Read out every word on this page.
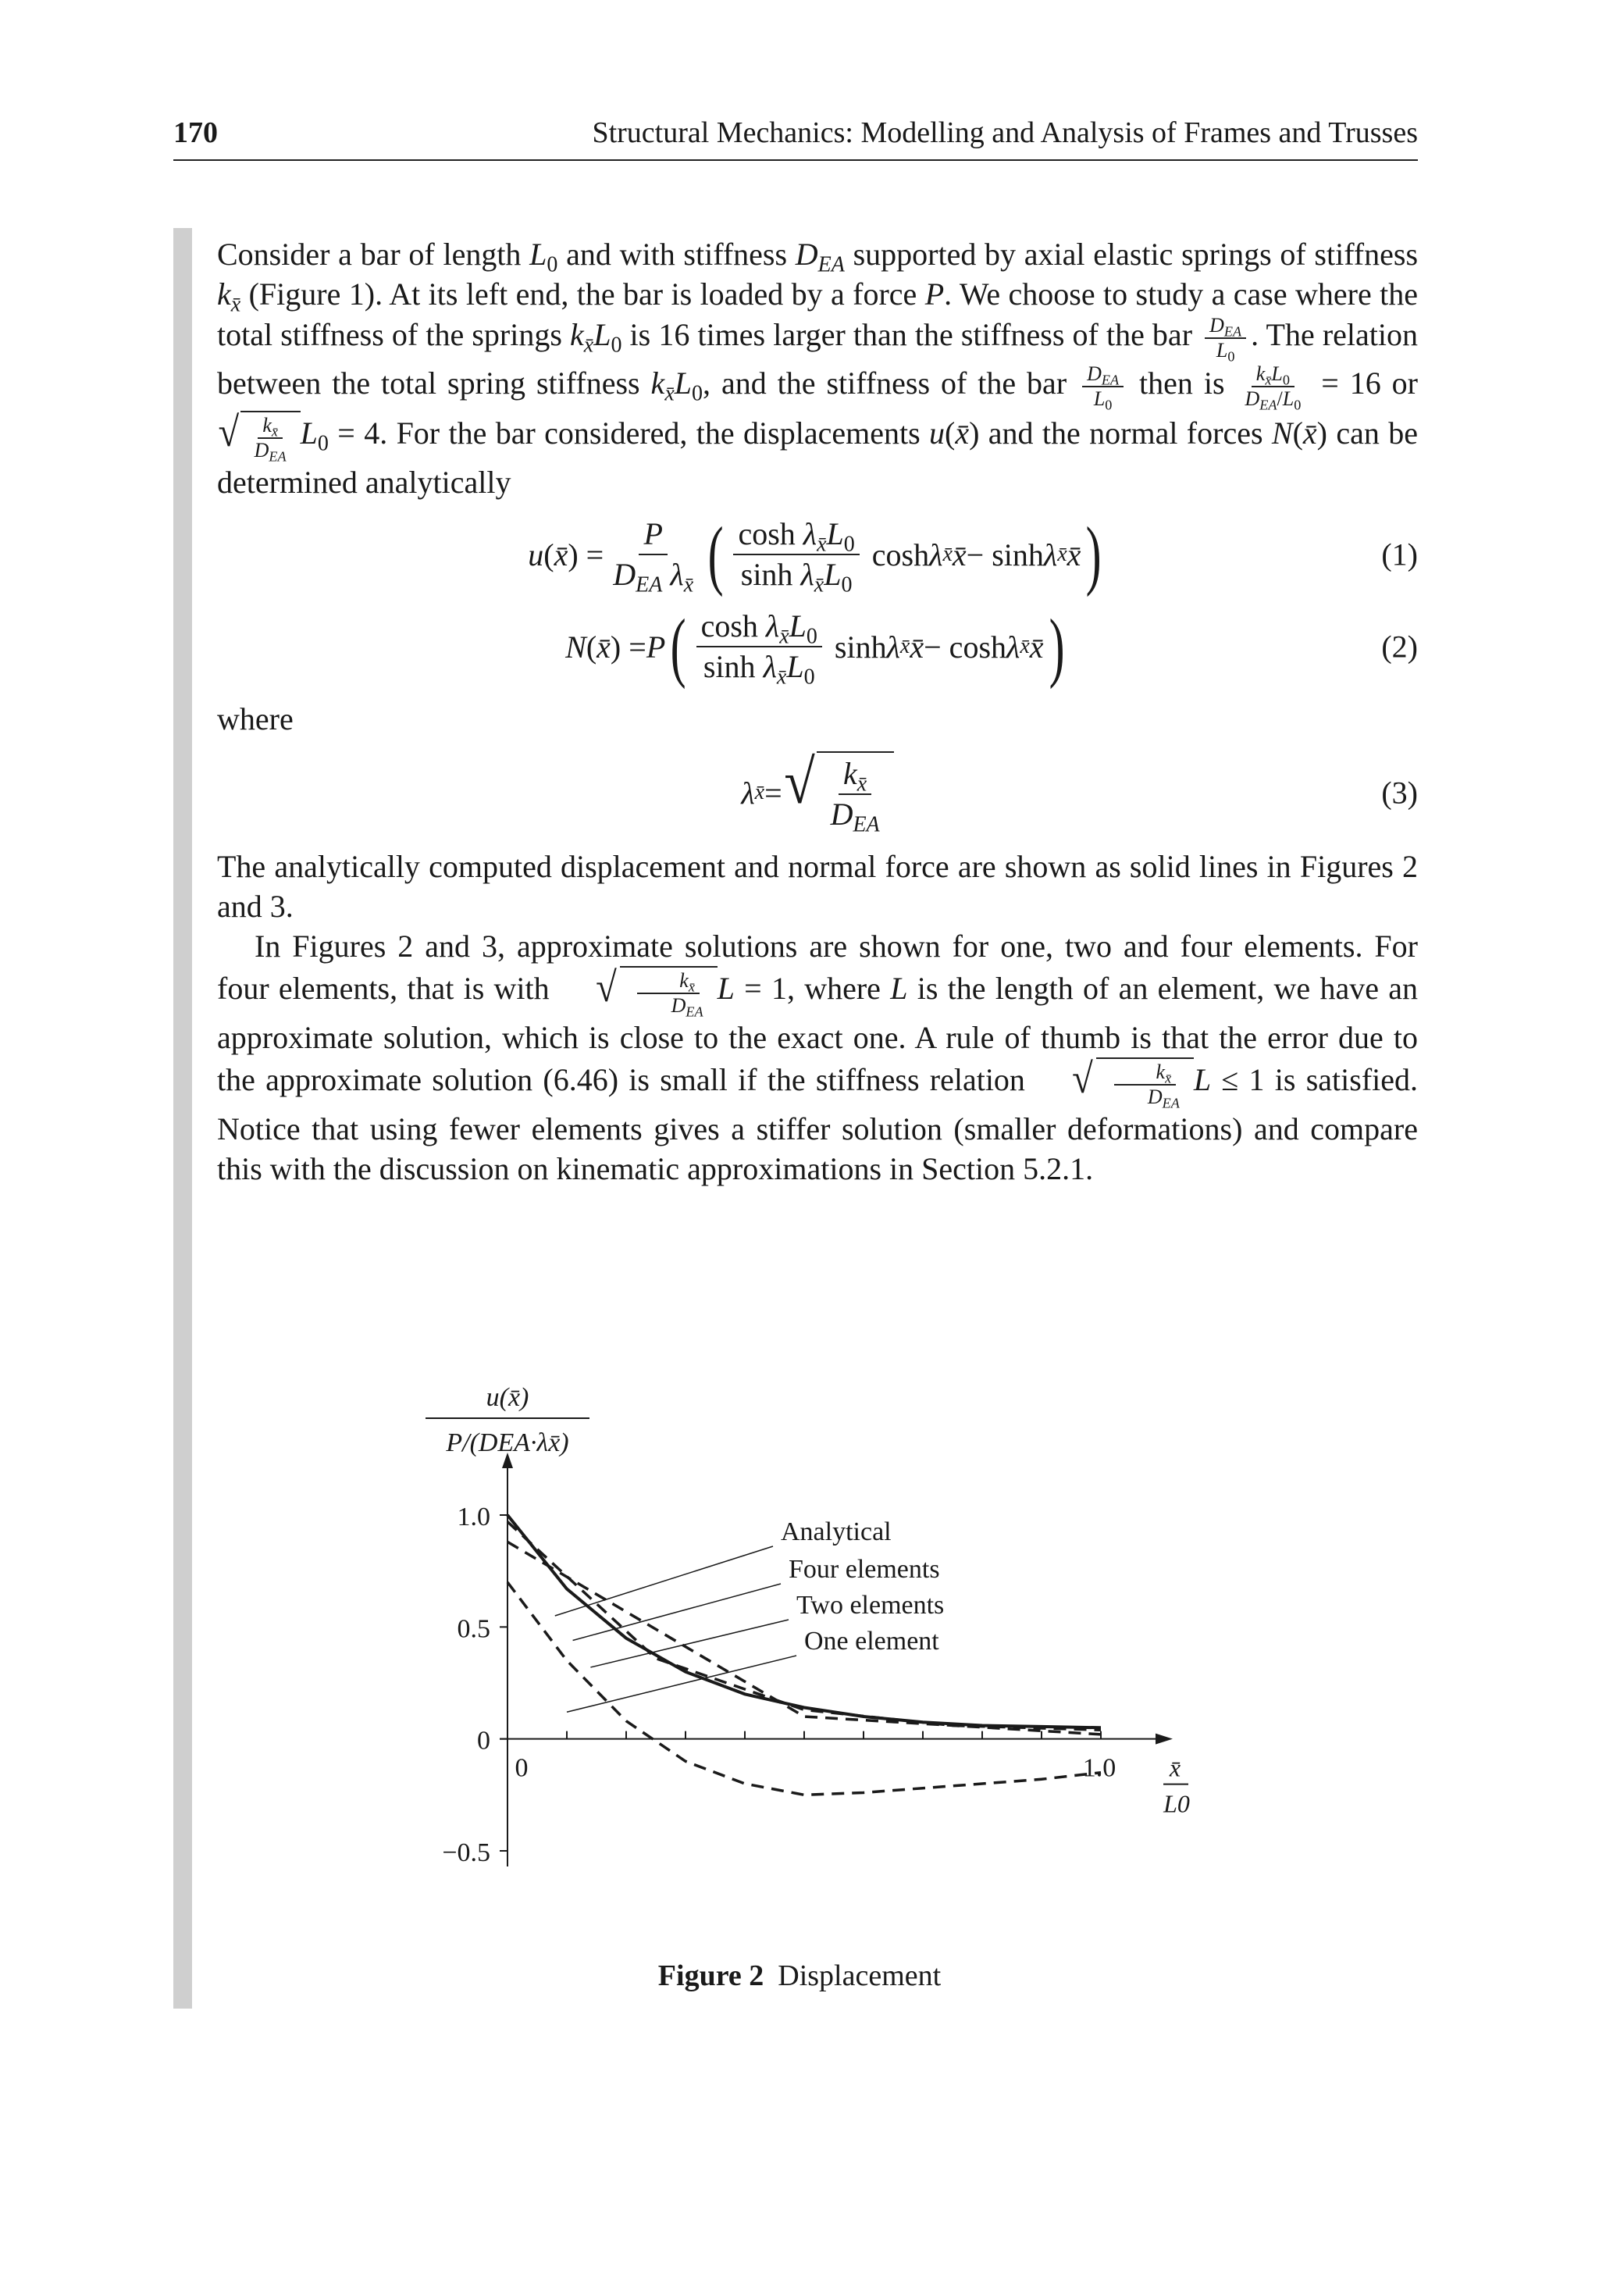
170	Structural Mechanics: Modelling and Analysis of Frames and Trusses

Consider a bar of length $L_0$ and with stiffness $D_{EA}$ supported by axial elastic springs of stiffness $k_{x̄}$ (Figure 1). At its left end, the bar is loaded by a force P. We choose to study a case where the total stiffness of the springs $k_{x̄}L_0$ is 16 times larger than the stiffness of the bar $\frac{D_{EA}}{L_0}$ . The relation between the total spring stiffness $k_{x̄}L_0$, and the stiffness of the bar $\frac{D_{EA}}{L_0}$ then is $\frac{k_{x̄}L_0}{D_{EA}/L_0} = 16$ or
√ $\frac{k_{x̄}}{D_{EA}} L_0 = 4$. For the bar considered, the displacements u(x̄) and the normal forces N(x̄) can be determined analytically

u ( x̄ ) = $\frac{P}{D_{EA} \lambda_{x̄}}$ ( $\frac{\cosh \lambda_{x̄}L_0}{\sinh \lambda_{x̄}L_0}$ cosh λ x̄ x̄ − sinh λ x̄ x̄ )	(1)
N ( x̄ ) = P ( $\frac{\cosh \lambda_{x̄}L_0}{\sinh \lambda_{x̄}L_0}$ sinh λ x̄ x̄ − cosh λ x̄ x̄ )	(2)

where

λ x̄ = √ $\frac{k_{x̄}}{D_{EA}}$	(3)

The analytically computed displacement and normal force are shown as solid lines in Figures 2 and 3.

In Figures 2 and 3, approximate solutions are shown for one, two and four elements. For four elements, that is with √ $\frac{k_{x̄}}{D_{EA}}$ L = 1, where L is the length of an element, we have an approximate solution, which is close to the exact one. A rule of thumb is that the error due to the approximate solution (6.46) is small if the stiffness relation √ $\frac{k_{x̄}}{D_{EA}}$ L ≤ 1 is satisfied. Notice that using fewer elements gives a stiffer solution (smaller deformations) and compare this with the discussion on kinematic approximations in Section 5.2.1.

1.0
0.5
0
−0.5
0	1.0
u(x̄)
P/(DEA·λx̄)
x̄
L0
Analytical
Four elements
Two elements
One element
Figure 2 Displacement
